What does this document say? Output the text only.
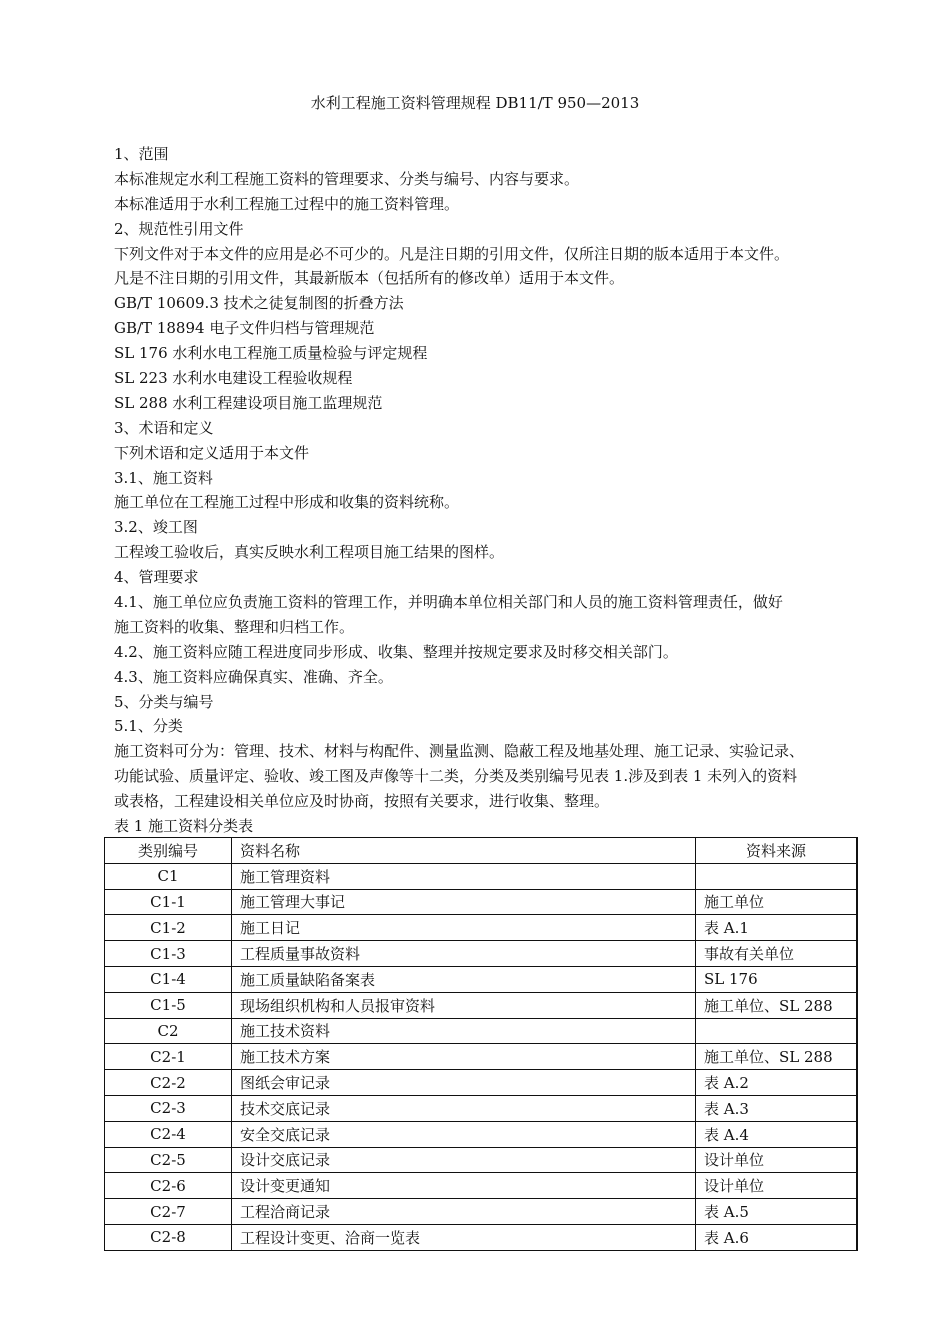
水利工程施工资料管理规程 DB11/T 950—2013
1、范围
本标准规定水利工程施工资料的管理要求、分类与编号、内容与要求。
本标准适用于水利工程施工过程中的施工资料管理。
2、规范性引用文件
下列文件对于本文件的应用是必不可少的。凡是注日期的引用文件，仅所注日期的版本适用于本文件。
凡是不注日期的引用文件，其最新版本（包括所有的修改单）适用于本文件。
GB/T 10609.3 技术之徒复制图的折叠方法
GB/T 18894 电子文件归档与管理规范
SL 176 水利水电工程施工质量检验与评定规程
SL 223 水利水电建设工程验收规程
SL 288 水利工程建设项目施工监理规范
3、术语和定义
下列术语和定义适用于本文件
3.1、施工资料
施工单位在工程施工过程中形成和收集的资料统称。
3.2、竣工图
工程竣工验收后，真实反映水利工程项目施工结果的图样。
4、管理要求
4.1、施工单位应负责施工资料的管理工作，并明确本单位相关部门和人员的施工资料管理责任，做好
施工资料的收集、整理和归档工作。
4.2、施工资料应随工程进度同步形成、收集、整理并按规定要求及时移交相关部门。
4.3、施工资料应确保真实、准确、齐全。
5、分类与编号
5.1、分类
施工资料可分为：管理、技术、材料与构配件、测量监测、隐蔽工程及地基处理、施工记录、实验记录、
功能试验、质量评定、验收、竣工图及声像等十二类，分类及类别编号见表 1.涉及到表 1 未列入的资料
或表格，工程建设相关单位应及时协商，按照有关要求，进行收集、整理。
表 1 施工资料分类表
类别编号	资料名称	资料来源
C1	施工管理资料	
C1-1	施工管理大事记	施工单位
C1-2	施工日记	表 A.1
C1-3	工程质量事故资料	事故有关单位
C1-4	施工质量缺陷备案表	SL 176
C1-5	现场组织机构和人员报审资料	施工单位、SL 288
C2	施工技术资料	
C2-1	施工技术方案	施工单位、SL 288
C2-2	图纸会审记录	表 A.2
C2-3	技术交底记录	表 A.3
C2-4	安全交底记录	表 A.4
C2-5	设计交底记录	设计单位
C2-6	设计变更通知	设计单位
C2-7	工程洽商记录	表 A.5
C2-8	工程设计变更、洽商一览表	表 A.6
